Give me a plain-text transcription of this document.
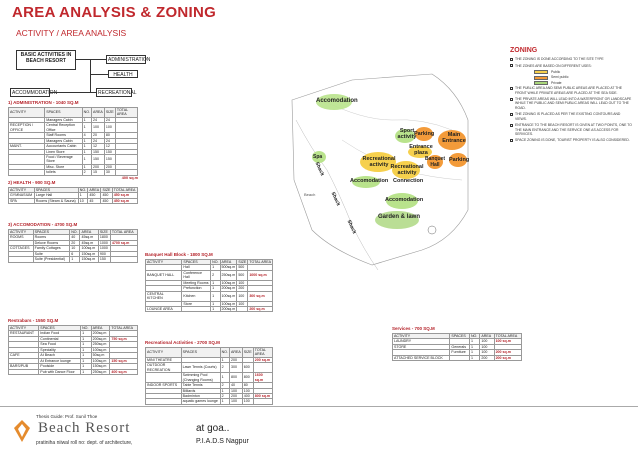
AREA ANALYSIS & ZONING
ACTIVITY / AREA ANALYSIS
BASIC ACTIVITIES IN BEACH RESORT	ADMINISTRATION
HEALTH
ACCOMMODATION	RECREATIONAL
1) ADMINISTRATION - 1040 SQ.M
ACTIVITY	SPACES	NO.	AREA	SIZE	TOTAL AREA
	Managers Cabin	1	24	24	
RECEPTION / OFFICE	Central Reception Office	1	100	100	
	Staff Rooms	4	20	80	
	Managers Cabin	1	24	24	
MAINT.	Accountants Cabin	1	12	12	
	Linen Store	1	150	150	
	Food / Beverage Store	1	150	150	
	Misc. Store	1	200	200	
	toilets	2	15	30	
400 sq.m
2) HEALTH - 900 SQ.M
ACTIVITY	SPACES	NO.	AREA	SIZE	TOTAL AREA
GYMNASIUM	Large Hall	1	450	450	450 sq.m
SPA	Rooms (Steam & Sauna)	10	45	450	450 sq.m
3) ACCOMODATION - 4700 SQ.M
ACTIVITY	SPACES	NO.	AREA	SIZE	TOTAL AREA
ROOMS	Rooms	40	45sq.m	1800	
	Deluxe Rooms	20	45sq.m	1000	4700 sq.m
COTTAGES	Family Cottages	10	100sq.m	1000	
	Suite	6	150sq.m	900	
	Suite (Presidential)	1	150sq.m	150	
Restrabars - 1550 SQ.M
ACTIVITY	SPACES	NO.	AREA	TOTAL AREA
RESTAURANT	Indian Food	1	200sq.m	
	Continental	1	200sq.m	750 sq.m
	Sea Food	1	250sq.m	
	Speciality	1	100sq.m	
CAFE	At Beach	1	50sq.m	
	At Entrance lounge	1	100sq.m	150 sq.m
BARS/PUB	Poolside	1	150sq.m	
	Pub with Dance Floor	1	250sq.m	400 sq.m
Banquet Hall Block - 1800 SQ.M
ACTIVITY	SPACES	NO.	AREA	SIZE	TOTAL AREA
	Hall	1	500sq.m	500	
BANQUET HALL	Conference Hall	2	250sq.m	500	1000 sq.m
	Meeting Rooms	1	100sq.m	100	
	Prefunction	1	200sq.m	200	
CENTRAL KITCHEN	Kitchen	1	100sq.m	100	300 sq.m
	Store	1	100sq.m	100	
LOUNGE AREA		1	200sq.m		200 sq.m
Recreational Activities - 2700 SQ.M
ACTIVITY	SPACES	NO.	AREA	SIZE	TOTAL AREA
MINI THEATRE		1	200		200 sq.m
OUTDOOR RECREATION	Lawn Tennis (Courts)	2	300	600	
	Swimming Pool (Changing Rooms)	1	800	800	1600 sq.m
INDOOR SPORTS	Table Tennis	2	40	80	
	Billiards	1	100	100	
	Badminton	2	200	400	800 sq.m
	aquatic games lounge	1	100	100	
Services - 700 SQ.M
ACTIVITY	SPACES	NO.	AREA	TOTAL AREA
LAUNDRY		1	100	100 sq.m
STORE	Generals	1	100	
	Furniture	1	100	200 sq.m
ATTACHED SERVICE BLOCK		1	200	200 sq.m
Accomodation
Sport activity
Parking	Main Entrance
Entrance plaza
Spa	Recreational activity Recreational activity
Banquet Hall
Parking
Accomodation Connection
Garden & lawn
Accomodation
Beach
Shack
Shack
Shack
ZONING
THE ZONING IS DONE ACCORDING TO THE SITE TYPE
THE ZONES ARE BASED ON DIFFERENT USES:
Public
Semi public
Private
THE PUBLIC AREA AND SEMI PUBLIC AREAS ARE PLACED AT THE FRONT WHILE PRIVATE AREAS ARE PLACED AT THE SEA SIDE.
THE PRIVATE AREAS WILL LEAD INTO A WATERFRONT OR LANDSCAPE WHILE THE PUBLIC AND SEMI PUBLIC AREAS WILL LEAD OUT TO THE ROAD.
THE ZONING IS PLACED AS PER THE EXISTING CONTOURS AND VIEWS.
ENTRANCE TO THE BEACH RESORT IS GIVEN AT TWO POINTS, ONE TO THE MAIN ENTRANCE AND THE SERVICE ONE AS ACCESS FOR SERVICES.
SPACE ZONING IS DONE, TOURIST PROPERTY IS ALSO CONSIDERED.
Thesis Guide: Prof. Sunil Thoe
Beach Resort
pratiniha niiwal roll no: dept. of architecture,
at goa..
P.I.A.D.S Nagpur
